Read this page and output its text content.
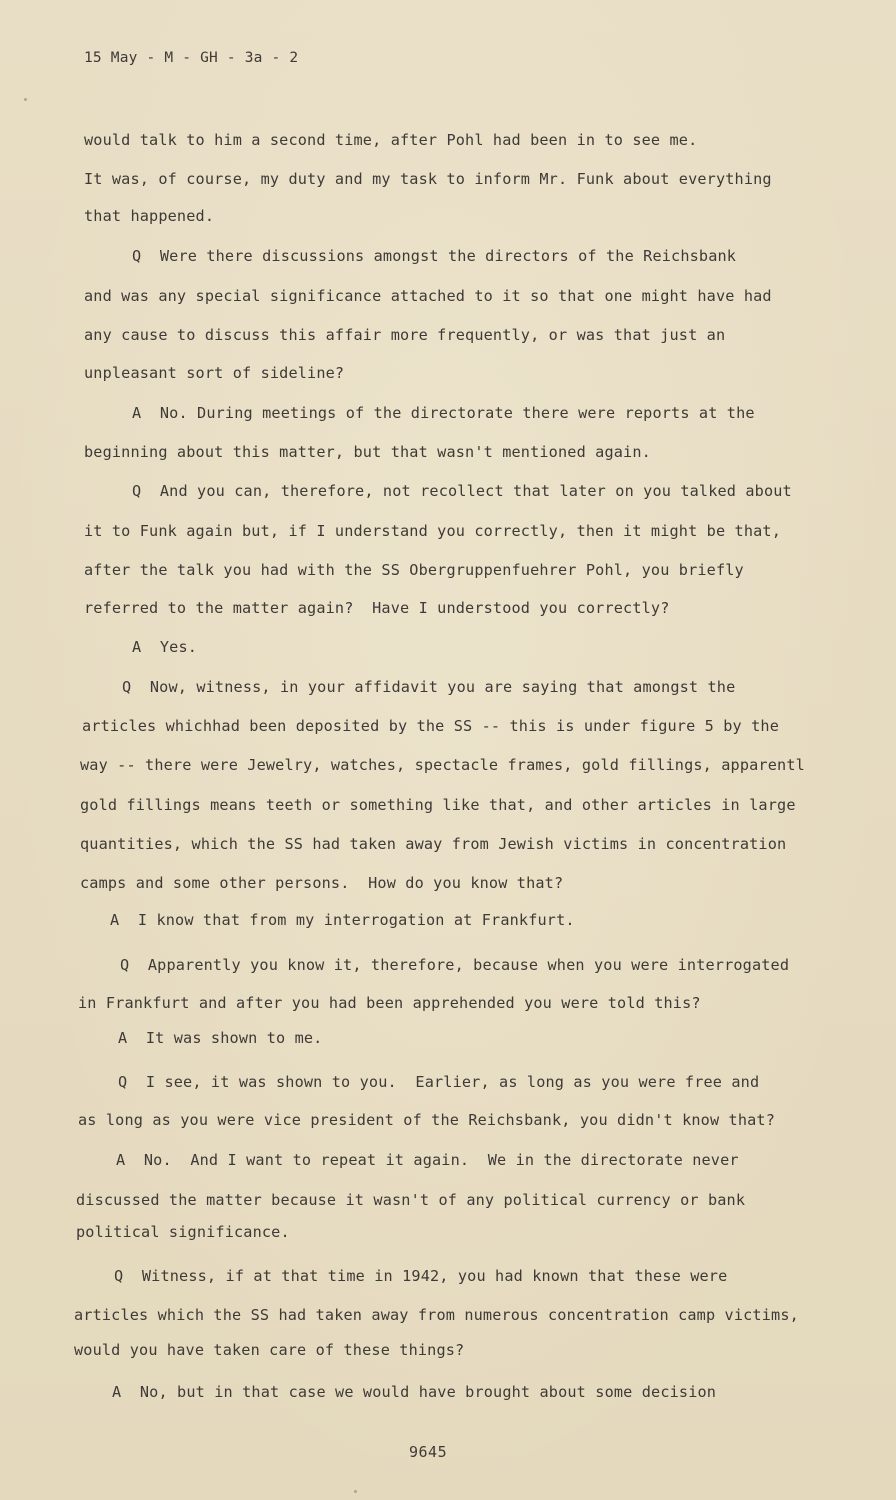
15 May - M - GH - 3a - 2
would talk to him a second time, after Pohl had been in to see me.
It was, of course, my duty and my task to inform Mr. Funk about everything
that happened.
Q  Were there discussions amongst the directors of the Reichsbank
and was any special significance attached to it so that one might have had
any cause to discuss this affair more frequently, or was that just an
unpleasant sort of sideline?
A  No. During meetings of the directorate there were reports at the
beginning about this matter, but that wasn't mentioned again.
Q  And you can, therefore, not recollect that later on you talked about
it to Funk again but, if I understand you correctly, then it might be that,
after the talk you had with the SS Obergruppenfuehrer Pohl, you briefly
referred to the matter again?  Have I understood you correctly?
A  Yes.
Q  Now, witness, in your affidavit you are saying that amongst the
articles whichhad been deposited by the SS -- this is under figure 5 by the
way -- there were Jewelry, watches, spectacle frames, gold fillings, apparentl
gold fillings means teeth or something like that, and other articles in large
quantities, which the SS had taken away from Jewish victims in concentration
camps and some other persons.  How do you know that?
A  I know that from my interrogation at Frankfurt.
Q  Apparently you know it, therefore, because when you were interrogated
in Frankfurt and after you had been apprehended you were told this?
A  It was shown to me.
Q  I see, it was shown to you.  Earlier, as long as you were free and
as long as you were vice president of the Reichsbank, you didn't know that?
A  No.  And I want to repeat it again.  We in the directorate never
discussed the matter because it wasn't of any political currency or bank
political significance.
Q  Witness, if at that time in 1942, you had known that these were
articles which the SS had taken away from numerous concentration camp victims,
would you have taken care of these things?
A  No, but in that case we would have brought about some decision
9645
